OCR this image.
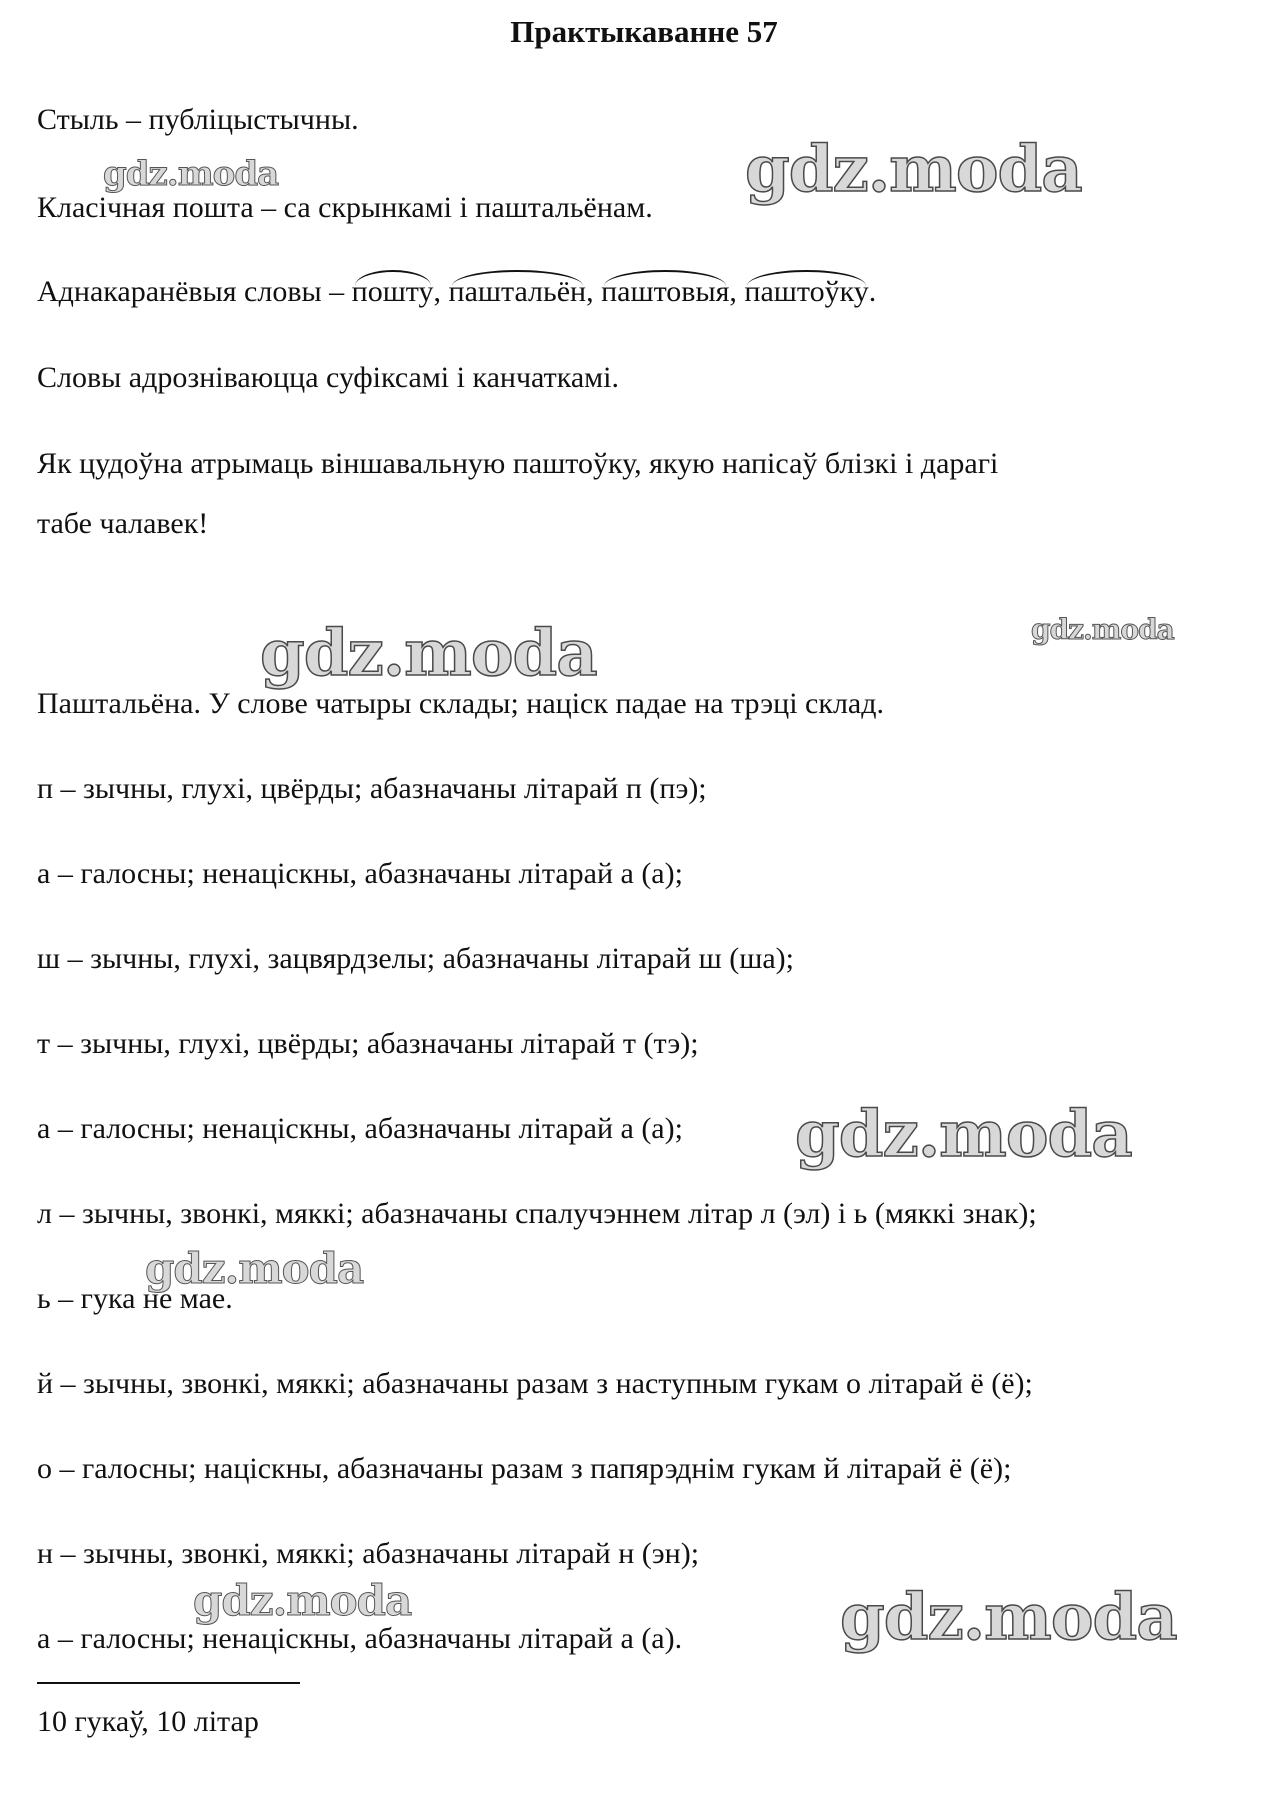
Практыкаванне 57
Стыль – публіцыстычны.
Класічная пошта – са скрынкамі і паштальёнам.
Аднакаранёвыя словы – пошту, паштальён, паштовыя, паштоўку.
Словы адрозніваюцца суфіксамі і канчаткамі.
Як цудоўна атрымаць віншавальную паштоўку, якую напісаў блізкі і дарагі
табе чалавек!
Паштальёна. У слове чатыры склады; націск падае на трэці склад.
п – зычны, глухі, цвёрды; абазначаны літарай п (пэ);
а – галосны; ненаціскны, абазначаны літарай а (а);
ш – зычны, глухі, зацвярдзелы; абазначаны літарай ш (ша);
т – зычны, глухі, цвёрды; абазначаны літарай т (тэ);
а – галосны; ненаціскны, абазначаны літарай а (а);
л – зычны, звонкі, мяккі; абазначаны спалучэннем літар л (эл) і ь (мяккі знак);
ь – гука не мае.
й – зычны, звонкі, мяккі; абазначаны разам з наступным гукам о літарай ё (ё);
о – галосны; націскны, абазначаны разам з папярэднім гукам й літарай ё (ё);
н – зычны, звонкі, мяккі; абазначаны літарай н (эн);
а – галосны; ненаціскны, абазначаны літарай а (а).
10 гукаў, 10 літар
gdz.moda	gdz.moda
gdz.moda	gdz.moda
gdz.moda
gdz.moda
gdz.moda	gdz.moda
